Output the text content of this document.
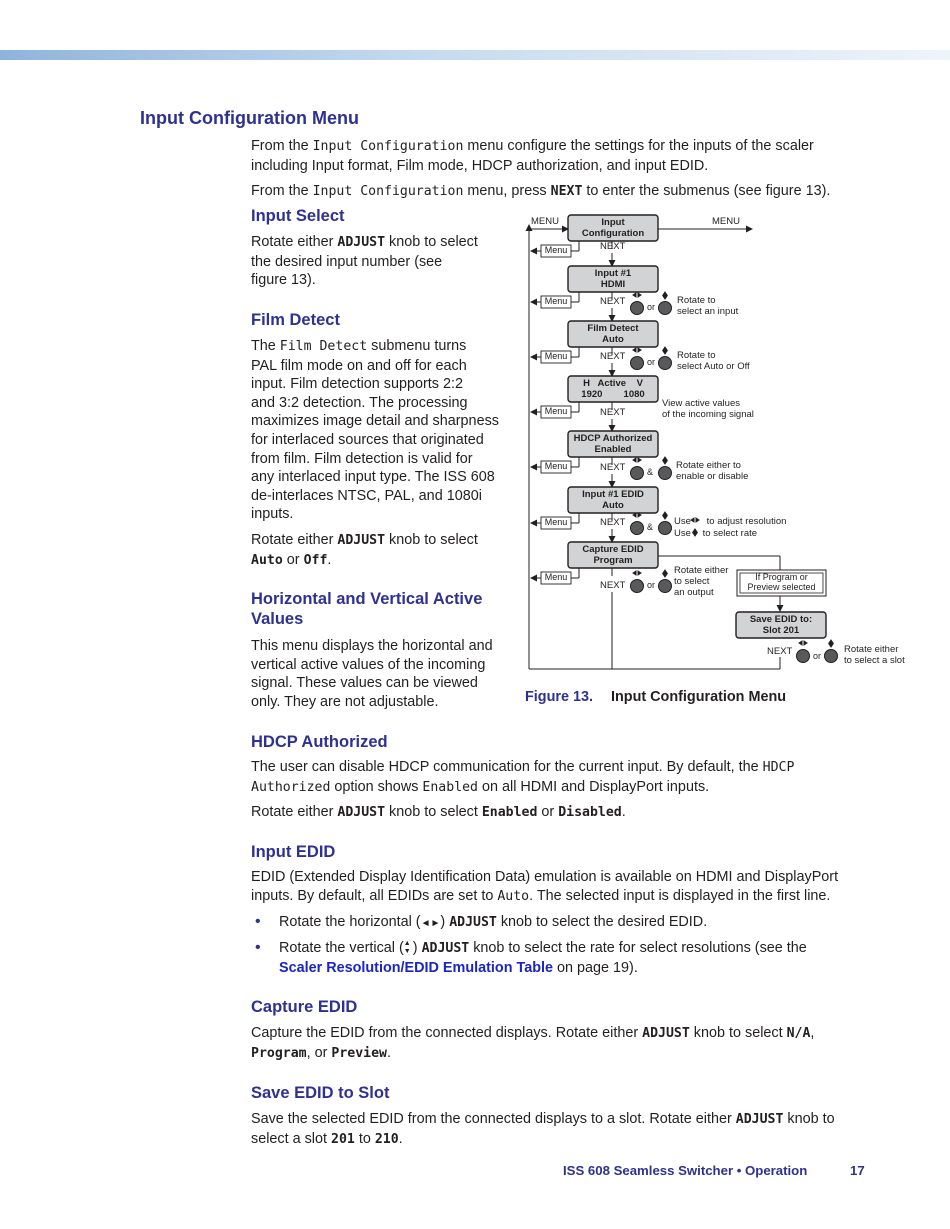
Input Configuration Menu

From the Input Configuration menu configure the settings for the inputs of the scaler including Input format, Film mode, HDCP authorization, and input EDID.

From the Input Configuration menu, press NEXT to enter the submenus (see figure 13).

Input Select

Rotate either ADJUST knob to select

the desired input number (see

figure 13).

Film Detect

The Film Detect submenu turns

PAL film mode on and off for each

input. Film detection supports 2:2

and 3:2 detection. The processing

maximizes image detail and sharpness

for interlaced sources that originated

from film. Film detection is valid for

any interlaced input type. The ISS 608

de-interlaces NTSC, PAL, and 1080i

inputs.

Rotate either ADJUST knob to select

Auto or Off.

Horizontal and Vertical Active
Values

This menu displays the horizontal and

vertical active values of the incoming

signal. These values can be viewed

only. They are not adjustable.

MENU	MENU
Input
Configuration
Input #1
HDMI
Film Detect
Auto
H   Active    V
1920        1080
HDCP Authorized
Enabled
Input #1 EDID
Auto
Capture EDID
Program
Save EDID to:
Slot 201
If Program or
Preview selected
Menu	NEXT
Menu	NEXT
Menu	NEXT
Menu	NEXT
Menu	NEXT
Menu	NEXT
Menu
NEXT
or
or
&
&
or
or
NEXT
Rotate to
select an input
Rotate to
select Auto or Off
View active values
of the incoming signal
Rotate either to
enable or disable
Use to adjust resolution
Use to select rate
Rotate either
to select
an output
Rotate either
to select a slot
Figure 13. Input Configuration Menu
HDCP Authorized

The user can disable HDCP communication for the current input. By default, the HDCP
Authorized option shows Enabled on all HDMI and DisplayPort inputs.

Rotate either ADJUST knob to select Enabled or Disabled.

Input EDID

EDID (Extended Display Identification Data) emulation is available on HDMI and DisplayPort

inputs. By default, all EDIDs are set to Auto. The selected input is displayed in the first line.

• Rotate the horizontal (◄►) ADJUST knob to select the desired EDID.

• Rotate the vertical (▲▼ ) ADJUST knob to select the rate for select resolutions (see the
Scaler Resolution/EDID Emulation Table on page 19).

Capture EDID

Capture the EDID from the connected displays. Rotate either ADJUST knob to select N/A,
Program, or Preview.

Save EDID to Slot

Save the selected EDID from the connected displays to a slot. Rotate either ADJUST knob to
select a slot 201 to 210.

ISS 608 Seamless Switcher • Operation	17
